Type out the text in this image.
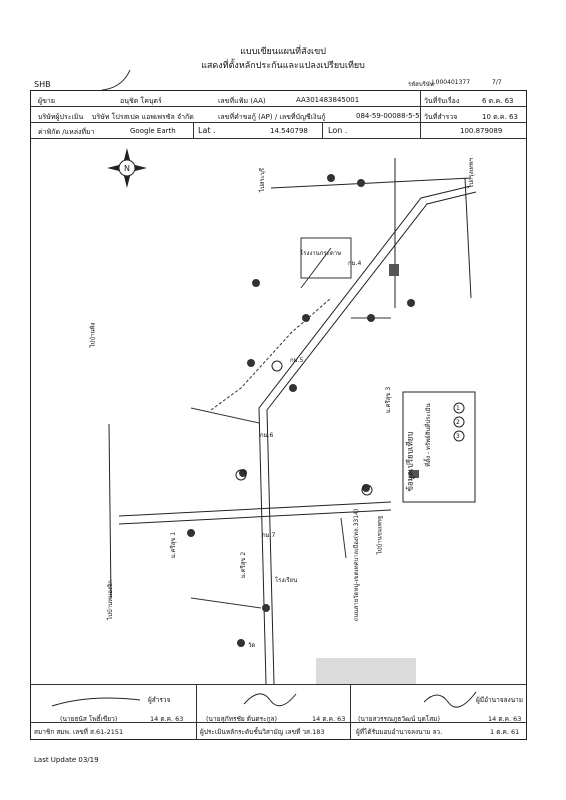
แบบเขียนแผนที่สังเขป
แสดงที่ตั้งหลักประกันและแปลงเปรียบเทียบ
SHB	รหัสบริษัท
J.000401377	7/7
ผู้ขาย	อนุชิต โคบุตร์	เลขที่แฟ้ม (AA)	AA301483845001	วันที่รับเรื่อง	6 ต.ค. 63
บริษัทผู้ประเมิน บริษัท โปรสเปค แอพเพรซัล จำกัด	เลขที่คำขอกู้ (AP) / เลขที่บัญชีเงินกู้	084-59-00088-5-5 วันที่สำรวจ	10 ต.ค. 63
ค่าพิกัด /แหล่งที่มา	Google Earth	Lat .	14.540798	Lon .	100.879089
N
ไปบ้านพิง
ไปสระบุรี	ไปกรุงเทพฯ
ถนนสายวัดหมู่-เขตเทศบาลเมือง(ทล.3314)
โรงงานกระดาษ
กม.4
กม.5
กม.6
กม.7
ม.ศรีสุข 3
ม.ศรีสุข 1
ม.ศรีสุข 2
โรงเรียน
วัด
ไปบ้านหนองจิก
ไปบ้านชมเพรฐ
ข้อมูลเปรียบเทียบ	ที่ตั้ง - ทรัพย์สินที่ประเมิน	1
2
3
ผู้สำรวจ
(นายธนัส โพธิ์เขียว)	14 ต.ค. 63
สมาชิก สมพ. เลขที่ ส.61-2151
(นายสุภัทรชัย ต้นตระกูล)	14 ต.ค. 63
ผู้ประเมินหลักระดับชั้นวิสามัญ เลขที่ วส.183
ผู้มีอำนาจลงนาม
(นายสวรรณภูธวัฒน์ บุตโสม)	14 ต.ค. 63
ผู้ที่ได้รับมอบอำนาจลงนาม ลว.	1 ต.ค. 61
Last Update 03/19
